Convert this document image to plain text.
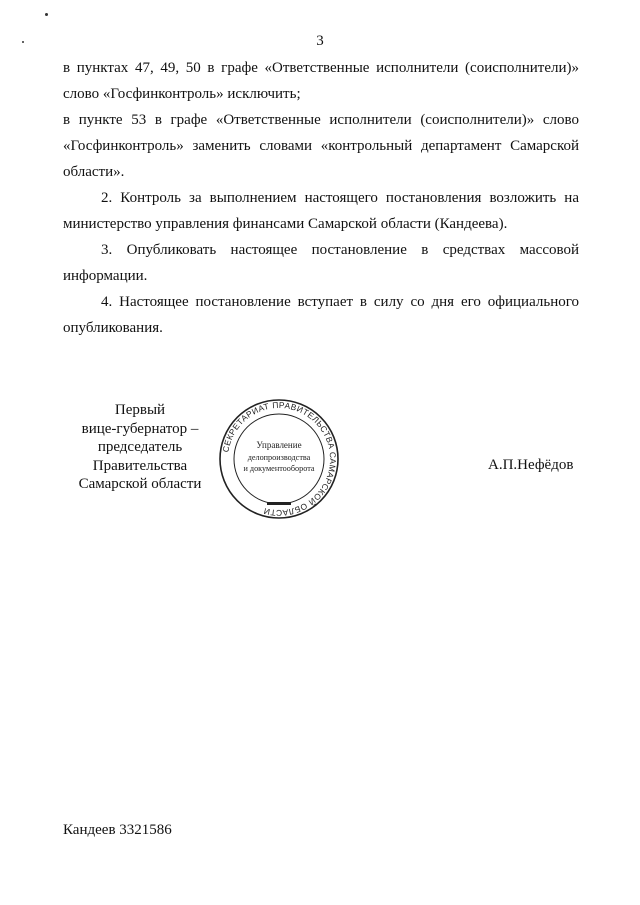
3

в пунктах 47, 49, 50 в графе «Ответственные исполнители (соисполнители)» слово «Госфинконтроль» исключить;

в пункте 53 в графе «Ответственные исполнители (соисполнители)» слово «Госфинконтроль» заменить словами «контрольный департамент Самарской области».

2. Контроль за выполнением настоящего постановления возложить на министерство управления финансами Самарской области (Кандеева).

3. Опубликовать настоящее постановление в средствах массовой информации.

4. Настоящее постановление вступает в силу со дня его официального опубликования.

Первый
вице-губернатор –
председатель Правительства
Самарской области
СЕКРЕТАРИАТ ПРАВИТЕЛЬСТВА САМАРСКОЙ ОБЛАСТИ
Управление
делопроизводства
и документооборота	А.П.Нефёдов
Кандеев 3321586
